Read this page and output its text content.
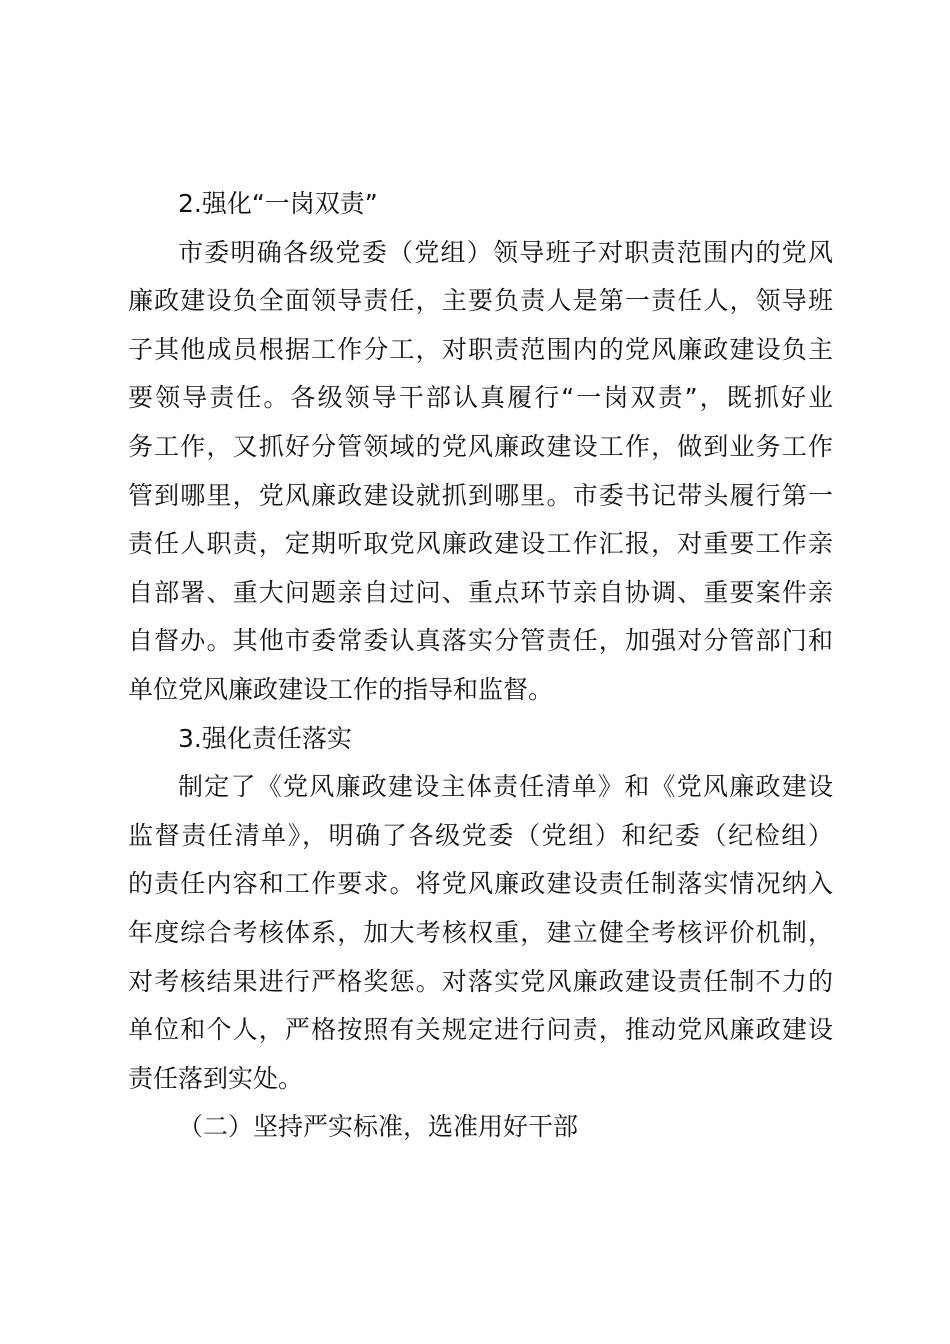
2.强化“一岗双责”
市委明确各级党委（党组）领导班子对职责范围内的党风
廉政建设负全面领导责任，主要负责人是第一责任人，领导班
子其他成员根据工作分工，对职责范围内的党风廉政建设负主
要领导责任。各级领导干部认真履行“一岗双责”，既抓好业
务工作，又抓好分管领域的党风廉政建设工作，做到业务工作
管到哪里，党风廉政建设就抓到哪里。市委书记带头履行第一
责任人职责，定期听取党风廉政建设工作汇报，对重要工作亲
自部署、重大问题亲自过问、重点环节亲自协调、重要案件亲
自督办。其他市委常委认真落实分管责任，加强对分管部门和
单位党风廉政建设工作的指导和监督。
3.强化责任落实
制定了《党风廉政建设主体责任清单》和《党风廉政建设
监督责任清单》，明确了各级党委（党组）和纪委（纪检组）
的责任内容和工作要求。将党风廉政建设责任制落实情况纳入
年度综合考核体系，加大考核权重，建立健全考核评价机制，
对考核结果进行严格奖惩。对落实党风廉政建设责任制不力的
单位和个人，严格按照有关规定进行问责，推动党风廉政建设
责任落到实处。
（二）坚持严实标准，选准用好干部
